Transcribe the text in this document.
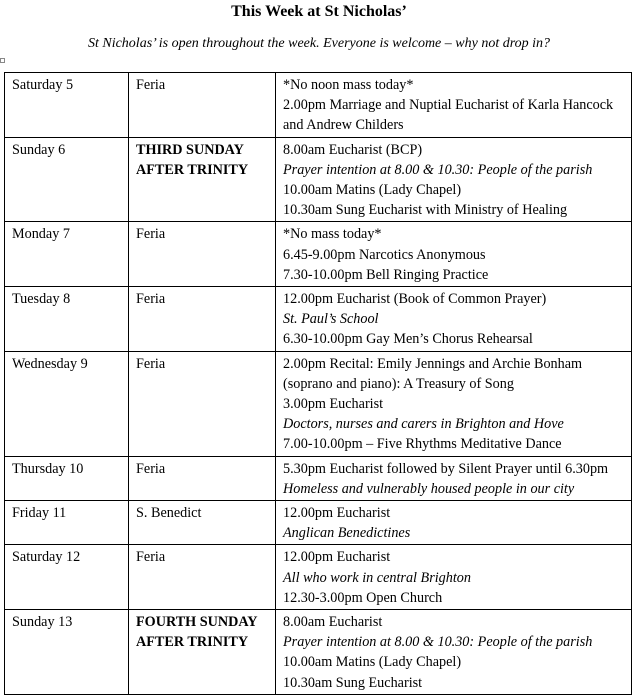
This Week at St Nicholas’
St Nicholas’ is open throughout the week. Everyone is welcome – why not drop in?
Saturday 5	Feria	*No noon mass today*
2.00pm Marriage and Nuptial Eucharist of Karla Hancock and Andrew Childers

Sunday 6	THIRD SUNDAY AFTER TRINITY	8.00am Eucharist (BCP)
Prayer intention at 8.00 & 10.30: People of the parish
10.00am Matins (Lady Chapel)
10.30am Sung Eucharist with Ministry of Healing

Monday 7	Feria	*No mass today*
6.45-9.00pm Narcotics Anonymous
7.30-10.00pm Bell Ringing Practice

Tuesday 8	Feria	12.00pm Eucharist (Book of Common Prayer)
St. Paul’s School
6.30-10.00pm Gay Men’s Chorus Rehearsal

Wednesday 9	Feria	2.00pm Recital: Emily Jennings and Archie Bonham (soprano and piano): A Treasury of Song
3.00pm Eucharist
Doctors, nurses and carers in Brighton and Hove
7.00-10.00pm – Five Rhythms Meditative Dance

Thursday 10	Feria	5.30pm Eucharist followed by Silent Prayer until 6.30pm
Homeless and vulnerably housed people in our city

Friday 11	S. Benedict	12.00pm Eucharist
Anglican Benedictines

Saturday 12	Feria	12.00pm Eucharist
All who work in central Brighton
12.30-3.00pm Open Church

Sunday 13	FOURTH SUNDAY AFTER TRINITY	8.00am Eucharist
Prayer intention at 8.00 & 10.30: People of the parish
10.00am Matins (Lady Chapel)
10.30am Sung Eucharist
